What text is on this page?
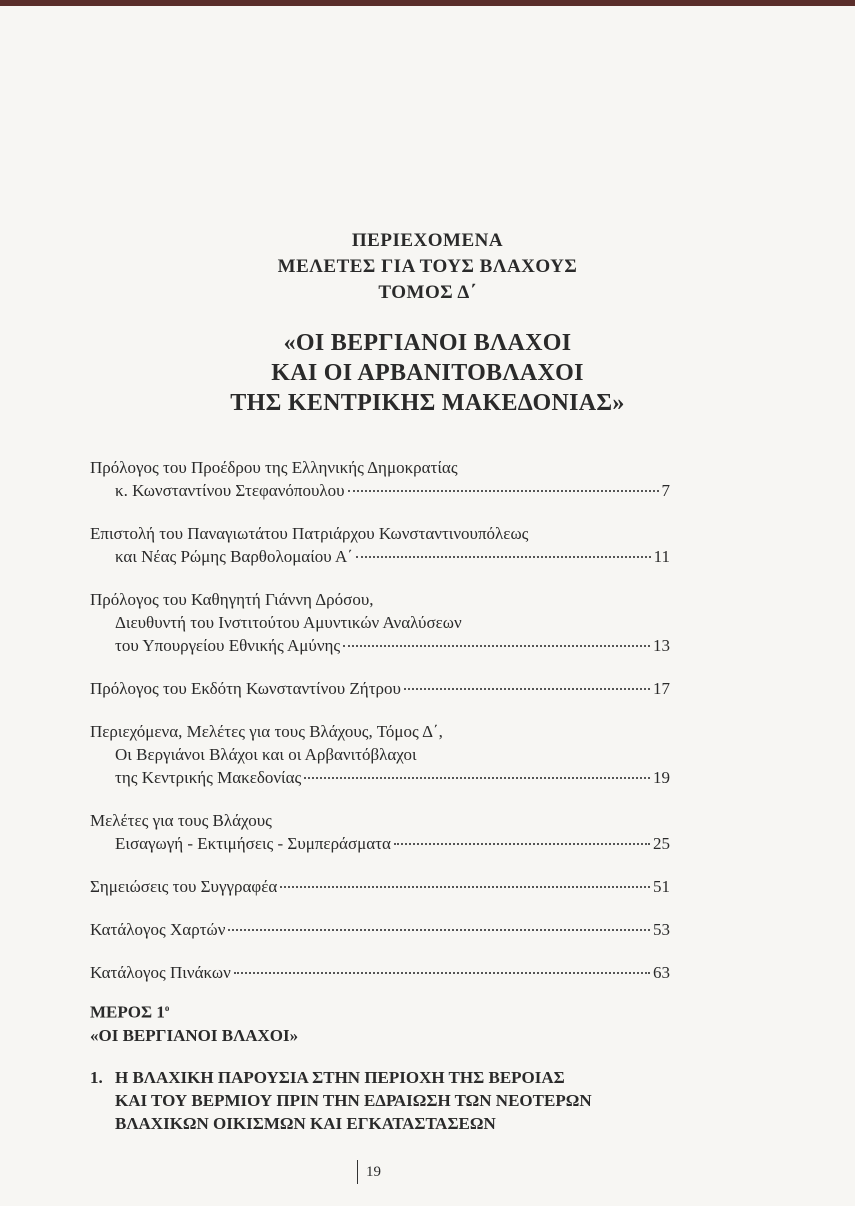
ΠΕΡΙΕΧΟΜΕΝΑ
ΜΕΛΕΤΕΣ ΓΙΑ ΤΟΥΣ ΒΛΑΧΟΥΣ
ΤΟΜΟΣ Δ΄
«ΟΙ ΒΕΡΓΙΑΝΟΙ ΒΛΑΧΟΙ
ΚΑΙ ΟΙ ΑΡΒΑΝΙΤΟΒΛΑΧΟΙ
ΤΗΣ ΚΕΝΤΡΙΚΗΣ ΜΑΚΕΔΟΝΙΑΣ»
Πρόλογος του Προέδρου της Ελληνικής Δημοκρατίας
κ. Κωνσταντίνου Στεφανόπουλου	7
Επιστολή του Παναγιωτάτου Πατριάρχου Κωνσταντινουπόλεως
και Νέας Ρώμης Βαρθολομαίου Α΄	11
Πρόλογος του Καθηγητή Γιάννη Δρόσου,
Διευθυντή του Ινστιτούτου Αμυντικών Αναλύσεων
του Υπουργείου Εθνικής Αμύνης	13
Πρόλογος του Εκδότη Κωνσταντίνου Ζήτρου	17
Περιεχόμενα, Μελέτες για τους Βλάχους, Τόμος Δ΄,
Οι Βεργιάνοι Βλάχοι και οι Αρβανιτόβλαχοι
της Κεντρικής Μακεδονίας	19
Μελέτες για τους Βλάχους
Εισαγωγή - Εκτιμήσεις - Συμπεράσματα	25
Σημειώσεις του Συγγραφέα	51
Κατάλογος Χαρτών	53
Κατάλογος Πινάκων	63
ΜΕΡΟΣ $1^o$
«ΟΙ ΒΕΡΓΙΑΝΟΙ ΒΛΑΧΟΙ»
1. Η ΒΛΑΧΙΚΗ ΠΑΡΟΥΣΙΑ ΣΤΗΝ ΠΕΡΙΟΧΗ ΤΗΣ ΒΕΡΟΙΑΣ
ΚΑΙ ΤΟΥ ΒΕΡΜΙΟΥ ΠΡΙΝ ΤΗΝ ΕΔΡΑΙΩΣΗ ΤΩΝ ΝΕΟΤΕΡΩΝ
ΒΛΑΧΙΚΩΝ ΟΙΚΙΣΜΩΝ ΚΑΙ ΕΓΚΑΤΑΣΤΑΣΕΩΝ
19
